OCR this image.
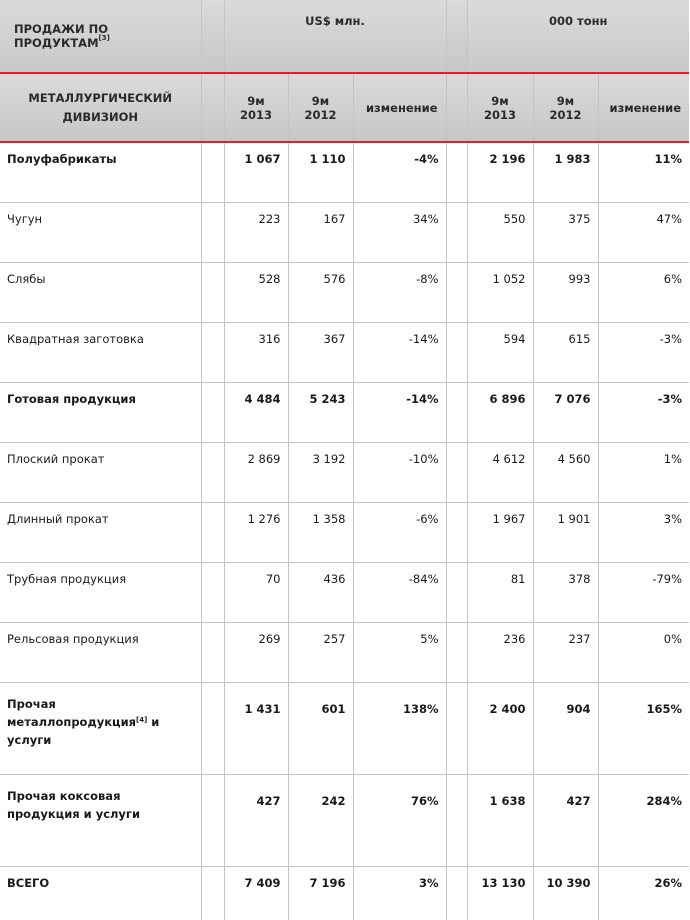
ПРОДАЖИ ПО ПРОДУКТАМ[3]		US$ млн.				000 тонн		

МЕТАЛЛУРГИЧЕСКИЙ
ДИВИЗИОН		9м 2013	9м 2012	изменение		9м 2013	9м 2012	изменение

Полуфабрикаты		1 067	1 110	-4%		2 196	1 983	11%
Чугун		223	167	34%		550	375	47%
Слябы		528	576	-8%		1 052	993	6%
Квадратная заготовка		316	367	-14%		594	615	-3%
Готовая продукция		4 484	5 243	-14%		6 896	7 076	-3%
Плоский прокат		2 869	3 192	-10%		4 612	4 560	1%
Длинный прокат		1 276	1 358	-6%		1 967	1 901	3%
Трубная продукция		70	436	-84%		81	378	-79%
Рельсовая продукция		269	257	5%		236	237	0%
Прочая металлопродукция[4] и услуги		1 431	601	138%		2 400	904	165%
Прочая коксовая продукция и услуги		427	242	76%		1 638	427	284%
ВСЕГО		7 409	7 196	3%		13 130	10 390	26%
